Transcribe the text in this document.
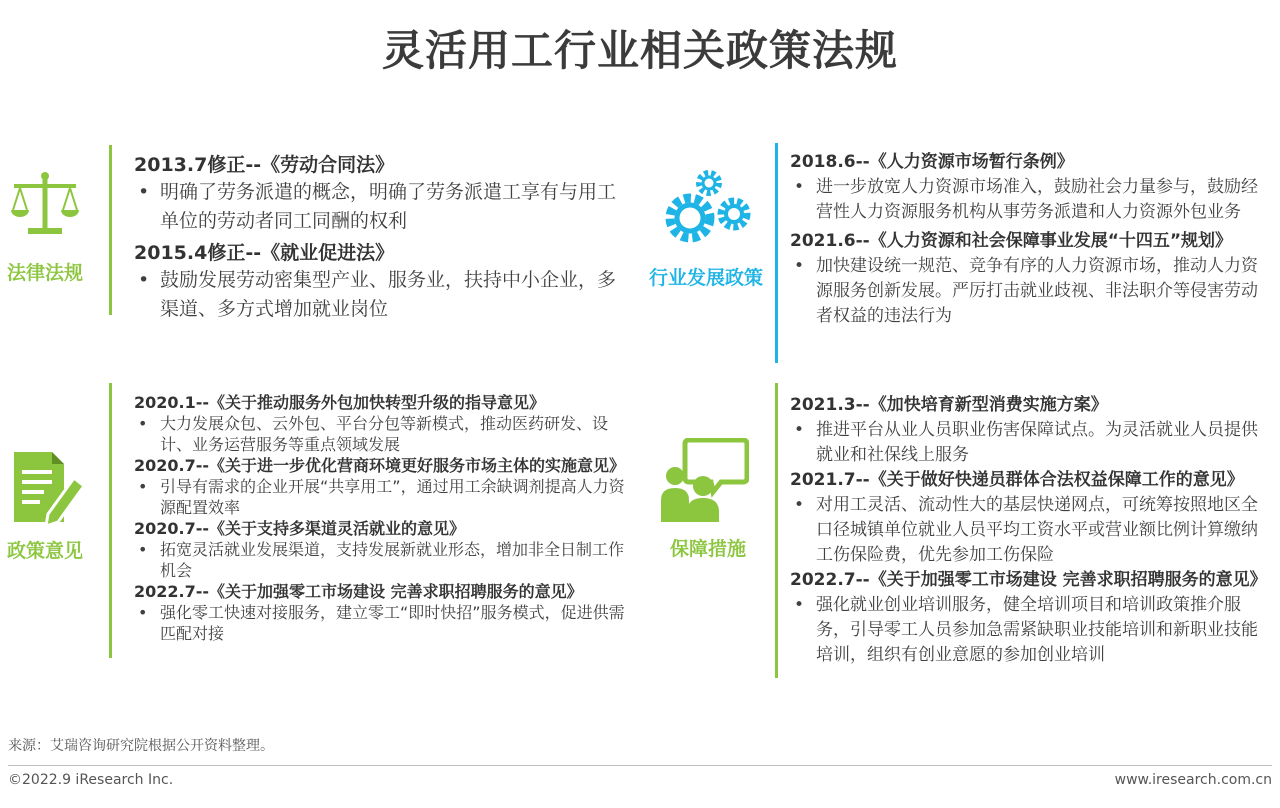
灵活用工行业相关政策法规
法律法规
2013.7修正--《劳动合同法》
• 明确了劳务派遣的概念，明确了劳务派遣工享有与用工单位的劳动者同工同酬的权利
2015.4修正--《就业促进法》
• 鼓励发展劳动密集型产业、服务业，扶持中小企业，多渠道、多方式增加就业岗位
行业发展政策
2018.6--《人力资源市场暂行条例》
• 进一步放宽人力资源市场准入，鼓励社会力量参与，鼓励经营性人力资源服务机构从事劳务派遣和人力资源外包业务
2021.6--《人力资源和社会保障事业发展“十四五”规划》
• 加快建设统一规范、竞争有序的人力资源市场，推动人力资源服务创新发展。严厉打击就业歧视、非法职介等侵害劳动者权益的违法行为
政策意见
2020.1--《关于推动服务外包加快转型升级的指导意见》
• 大力发展众包、云外包、平台分包等新模式，推动医药研发、设计、业务运营服务等重点领域发展
2020.7--《关于进一步优化营商环境更好服务市场主体的实施意见》
• 引导有需求的企业开展“共享用工”，通过用工余缺调剂提高人力资源配置效率
2020.7--《关于支持多渠道灵活就业的意见》
• 拓宽灵活就业发展渠道，支持发展新就业形态，增加非全日制工作机会
2022.7--《关于加强零工市场建设 完善求职招聘服务的意见》
• 强化零工快速对接服务，建立零工“即时快招”服务模式，促进供需匹配对接
保障措施
2021.3--《加快培育新型消费实施方案》
• 推进平台从业人员职业伤害保障试点。为灵活就业人员提供就业和社保线上服务
2021.7--《关于做好快递员群体合法权益保障工作的意见》
• 对用工灵活、流动性大的基层快递网点，可统筹按照地区全口径城镇单位就业人员平均工资水平或营业额比例计算缴纳工伤保险费，优先参加工伤保险
2022.7--《关于加强零工市场建设 完善求职招聘服务的意见》
• 强化就业创业培训服务，健全培训项目和培训政策推介服务，引导零工人员参加急需紧缺职业技能培训和新职业技能培训，组织有创业意愿的参加创业培训
来源：艾瑞咨询研究院根据公开资料整理。
©2022.9 iResearch Inc.	www.iresearch.com.cn
